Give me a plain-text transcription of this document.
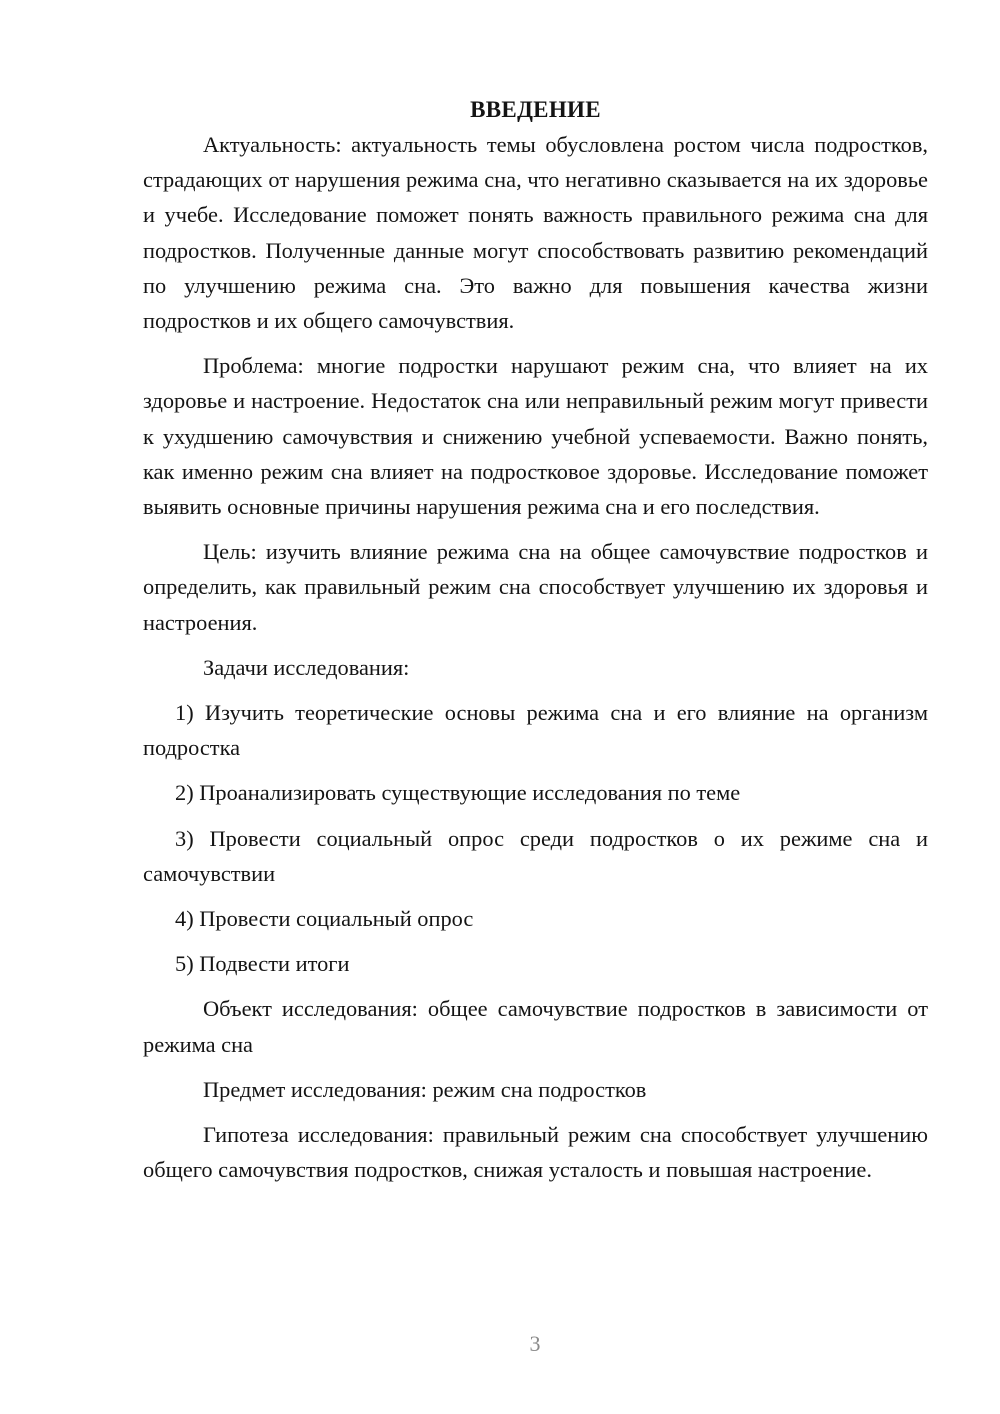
ВВЕДЕНИЕ

Актуальность: актуальность темы обусловлена ростом числа подростков, страдающих от нарушения режима сна, что негативно сказывается на их здоровье и учебе. Исследование поможет понять важность правильного режима сна для подростков. Полученные данные могут способствовать развитию рекомендаций по улучшению режима сна. Это важно для повышения качества жизни подростков и их общего самочувствия.

Проблема: многие подростки нарушают режим сна, что влияет на их здоровье и настроение. Недостаток сна или неправильный режим могут привести к ухудшению самочувствия и снижению учебной успеваемости. Важно понять, как именно режим сна влияет на подростковое здоровье. Исследование поможет выявить основные причины нарушения режима сна и его последствия.

Цель: изучить влияние режима сна на общее самочувствие подростков и определить, как правильный режим сна способствует улучшению их здоровья и настроения.

Задачи исследования:

1) Изучить теоретические основы режима сна и его влияние на организм подростка

2) Проанализировать существующие исследования по теме

3) Провести социальный опрос среди подростков о их режиме сна и самочувствии

4) Провести социальный опрос

5) Подвести итоги

Объект исследования: общее самочувствие подростков в зависимости от режима сна

Предмет исследования: режим сна подростков

Гипотеза исследования: правильный режим сна способствует улучшению общего самочувствия подростков, снижая усталость и повышая настроение.

3
